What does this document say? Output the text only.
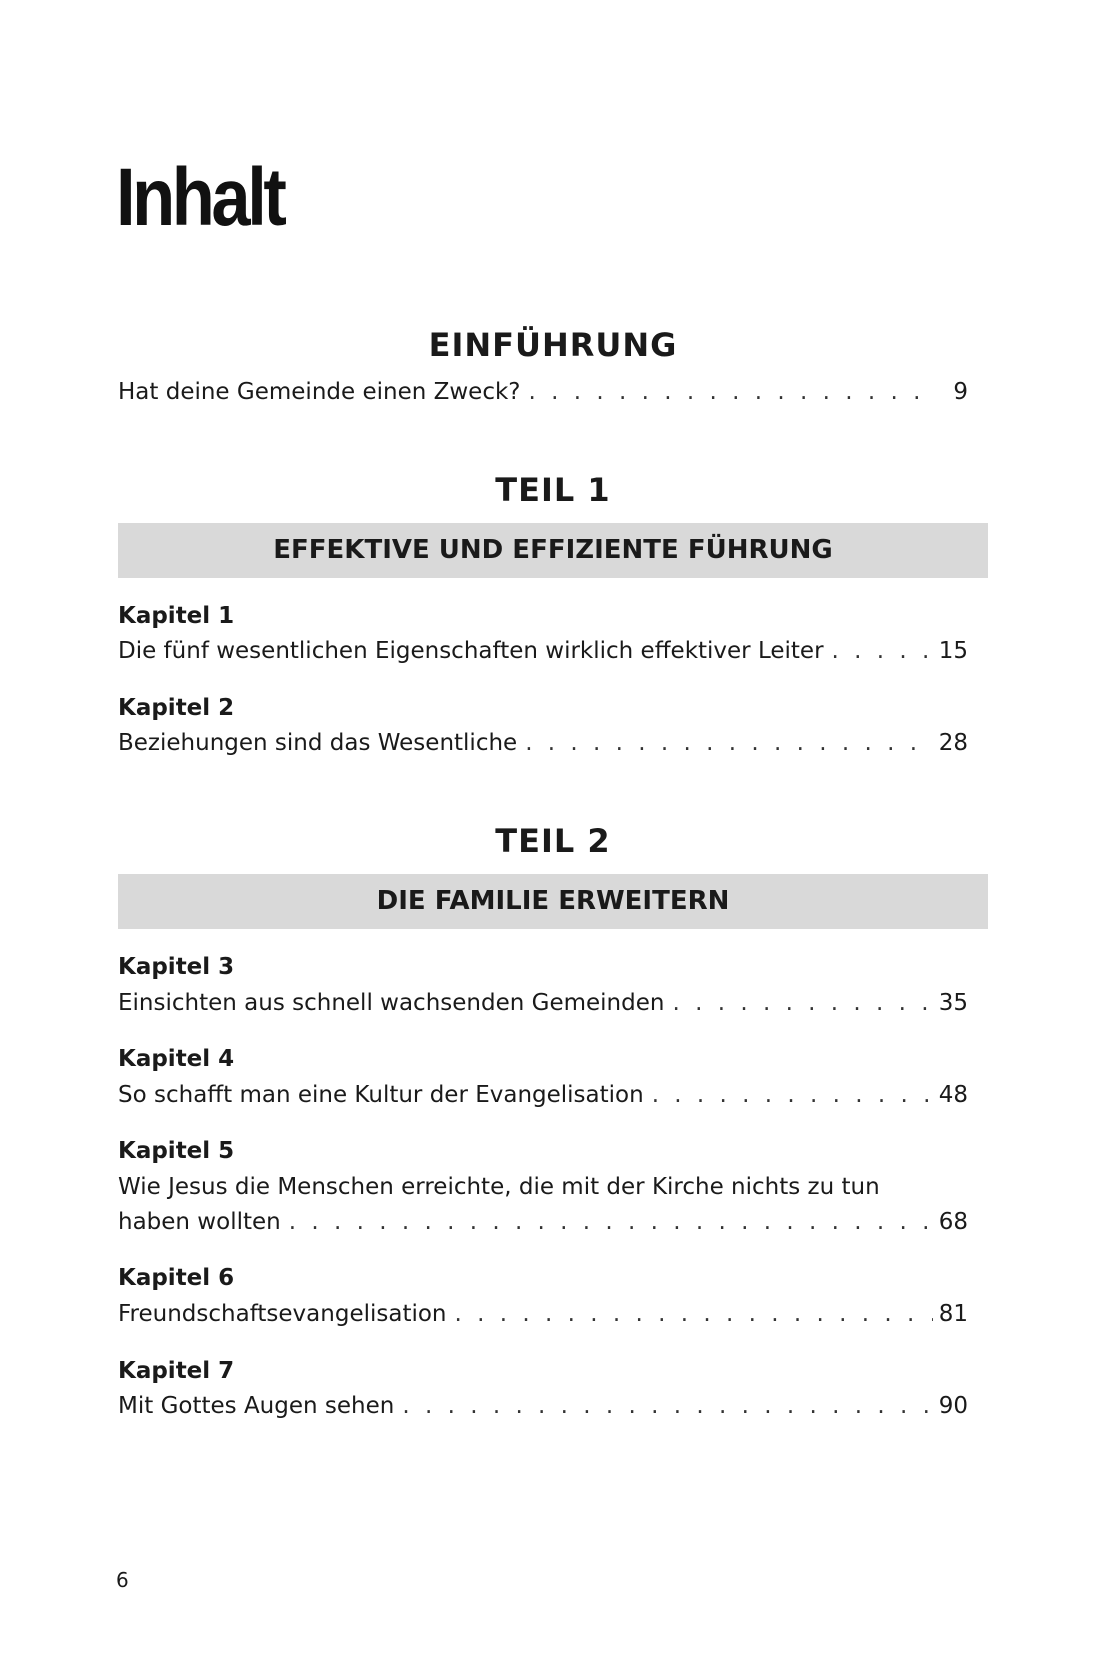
Inhalt
EINFÜHRUNG
Hat deine Gemeinde einen Zweck? . . .	9
TEIL 1
EFFEKTIVE UND EFFIZIENTE FÜHRUNG
Kapitel 1
Die fünf wesentlichen Eigenschaften wirklich effektiver Leiter . . .	15
Kapitel 2
Beziehungen sind das Wesentliche . . .	28
TEIL 2
DIE FAMILIE ERWEITERN
Kapitel 3
Einsichten aus schnell wachsenden Gemeinden . . .	35
Kapitel 4
So schafft man eine Kultur der Evangelisation . . .	48
Kapitel 5
Wie Jesus die Menschen erreichte, die mit der Kirche nichts zu tun
haben wollten . . .	68
Kapitel 6
Freundschaftsevangelisation . . .	81
Kapitel 7
Mit Gottes Augen sehen . . .	90
6
